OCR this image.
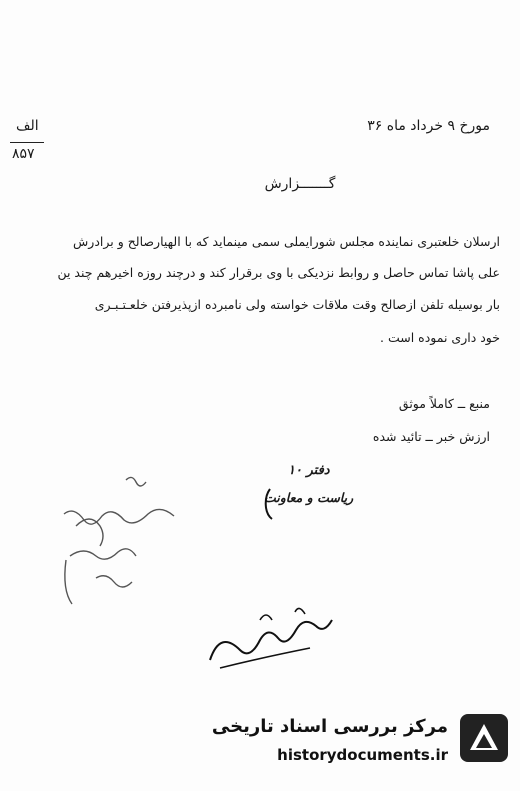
مورخ ۹ خرداد ماه ۳۶
الف
۸۵۷
گـــــــزارش
ارسلان خلعتبری نماینده مجلس شورایملی سمی مینماید که با الهیارصالح و برادرش
علی پاشا تماس حاصل و روابط نزدیکی با وی برقرار کند و درچند روزه اخیرهم چند ین
بار بوسیله تلفن ازصالح وقت ملاقات خواسته ولی نامبرده ازپذیرفتن خلعـتـبـری
خود داری نموده است .
منبع ــ کاملاً موثق
ارزش خبر ــ تائید شده
دفتر ۱۰
ریاست و معاونت
مرکز بررسی اسناد تاریخی
historydocuments.ir
